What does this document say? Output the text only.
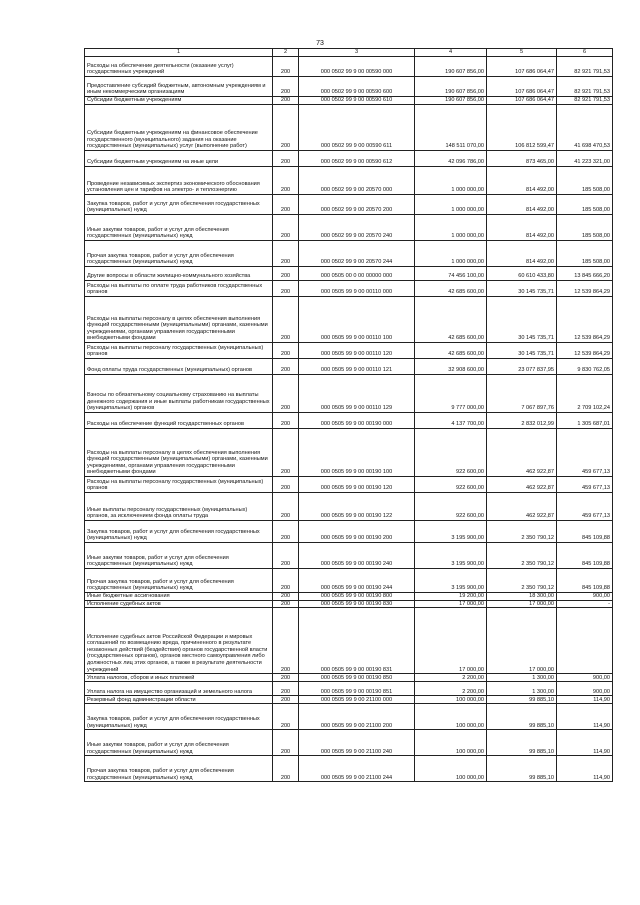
73
1	2	3	4	5	6
Расходы на обеспечение деятельности (оказание услуг) государственных учреждений	200	000 0502 99 9 00 00590 000	190 607 856,00	107 686 064,47	82 921 791,53
Предоставление субсидий бюджетным, автономным учреждениям и иным некоммерческим организациям	200	000 0502 99 9 00 00590 600	190 607 856,00	107 686 064,47	82 921 791,53
Субсидии бюджетным учреждениям	200	000 0502 99 9 00 00590 610	190 607 856,00	107 686 064,47	82 921 791,53
Субсидии бюджетным учреждениям на финансовое обеспечение государственного (муниципального) задания на оказание государственных (муниципальных) услуг (выполнение работ)	200	000 0502 99 9 00 00590 611	148 511 070,00	106 812 599,47	41 698 470,53
Субсидии бюджетным учреждениям на иные цели	200	000 0502 99 9 00 00590 612	42 096 786,00	873 465,00	41 223 321,00
Проведение независимых экспертиз экономического обоснования установления цен и тарифов на электро- и теплоэнергию	200	000 0502 99 9 00 20570 000	1 000 000,00	814 492,00	185 508,00
Закупка товаров, работ и услуг для обеспечения государственных (муниципальных) нужд	200	000 0502 99 9 00 20570 200	1 000 000,00	814 492,00	185 508,00
Иные закупки товаров, работ и услуг для обеспечения государственных (муниципальных) нужд	200	000 0502 99 9 00 20570 240	1 000 000,00	814 492,00	185 508,00
Прочая закупка товаров, работ и услуг для обеспечения государственных (муниципальных) нужд	200	000 0502 99 9 00 20570 244	1 000 000,00	814 492,00	185 508,00
Другие вопросы в области жилищно-коммунального хозяйства	200	000 0505 00 0 00 00000 000	74 456 100,00	60 610 433,80	13 845 666,20
Расходы на выплаты по оплате труда работников государственных органов	200	000 0505 99 9 00 00110 000	42 685 600,00	30 145 735,71	12 539 864,29
Расходы на выплаты персоналу в целях обеспечения выполнения функций государственными (муниципальными) органами, казенными учреждениями, органами управления государственными внебюджетными фондами	200	000 0505 99 9 00 00110 100	42 685 600,00	30 145 735,71	12 539 864,29
Расходы на выплаты персоналу государственных (муниципальных) органов	200	000 0505 99 9 00 00110 120	42 685 600,00	30 145 735,71	12 539 864,29
Фонд оплаты труда государственных (муниципальных) органов	200	000 0505 99 9 00 00110 121	32 908 600,00	23 077 837,95	9 830 762,05
Взносы по обязательному социальному страхованию на выплаты денежного содержания и иные выплаты работникам государственных (муниципальных) органов	200	000 0505 99 9 00 00110 129	9 777 000,00	7 067 897,76	2 709 102,24
Расходы на обеспечение функций государственных органов	200	000 0505 99 9 00 00190 000	4 137 700,00	2 832 012,99	1 305 687,01
Расходы на выплаты персоналу в целях обеспечения выполнения функций государственными (муниципальными) органами, казенными учреждениями, органами управления государственными внебюджетными фондами	200	000 0505 99 9 00 00190 100	922 600,00	462 922,87	459 677,13
Расходы на выплаты персоналу государственных (муниципальных) органов	200	000 0505 99 9 00 00190 120	922 600,00	462 922,87	459 677,13
Иные выплаты персоналу государственных (муниципальных) органов, за исключением фонда оплаты труда	200	000 0505 99 9 00 00190 122	922 600,00	462 922,87	459 677,13
Закупка товаров, работ и услуг для обеспечения государственных (муниципальных) нужд	200	000 0505 99 9 00 00190 200	3 195 900,00	2 350 790,12	845 109,88
Иные закупки товаров, работ и услуг для обеспечения государственных (муниципальных) нужд	200	000 0505 99 9 00 00190 240	3 195 900,00	2 350 790,12	845 109,88
Прочая закупка товаров, работ и услуг для обеспечения государственных (муниципальных) нужд	200	000 0505 99 9 00 00190 244	3 195 900,00	2 350 790,12	845 109,88
Иные бюджетные ассигнования	200	000 0505 99 9 00 00190 800	19 200,00	18 300,00	900,00
Исполнение судебных актов	200	000 0505 99 9 00 00190 830	17 000,00	17 000,00	-
Исполнение судебных актов Российской Федерации и мировых соглашений по возмещению вреда, причиненного в результате незаконных действий (бездействия) органов государственной власти (государственных органов), органов местного самоуправления либо должностных лиц этих органов, а также в результате деятельности учреждений	200	000 0505 99 9 00 00190 831	17 000,00	17 000,00	
Уплата налогов, сборов и иных платежей	200	000 0505 99 9 00 00190 850	2 200,00	1 300,00	900,00
Уплата налога на имущество организаций и земельного налога	200	000 0505 99 9 00 00190 851	2 200,00	1 300,00	900,00
Резервный фонд администрации области	200	000 0505 99 9 00 21100 000	100 000,00	99 885,10	114,90
Закупка товаров, работ и услуг для обеспечения государственных (муниципальных) нужд	200	000 0505 99 9 00 21100 200	100 000,00	99 885,10	114,90
Иные закупки товаров, работ и услуг для обеспечения государственных (муниципальных) нужд	200	000 0505 99 9 00 21100 240	100 000,00	99 885,10	114,90
Прочая закупка товаров, работ и услуг для обеспечения государственных (муниципальных) нужд	200	000 0505 99 9 00 21100 244	100 000,00	99 885,10	114,90
